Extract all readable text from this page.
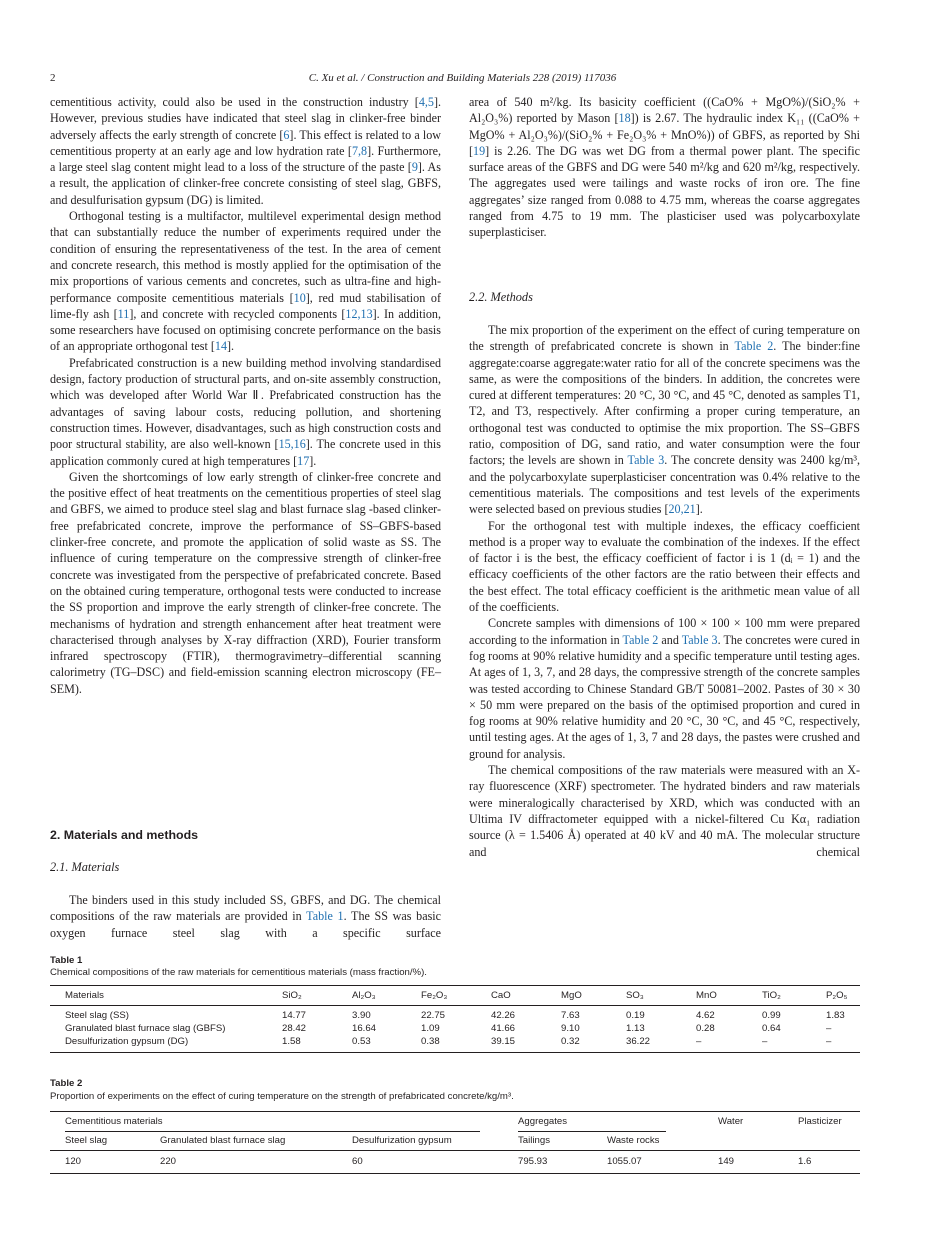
2	C. Xu et al. / Construction and Building Materials 228 (2019) 117036

cementitious activity, could also be used in the construction industry [4,5]. However, previous studies have indicated that steel slag in clinker-free binder adversely affects the early strength of concrete [6]. This effect is related to a low cementitious property at an early age and low hydration rate [7,8]. Furthermore, a large steel slag content might lead to a loss of the structure of the paste [9]. As a result, the application of clinker-free concrete consisting of steel slag, GBFS, and desulfurisation gypsum (DG) is limited.

Orthogonal testing is a multifactor, multilevel experimental design method that can substantially reduce the number of experiments required under the condition of ensuring the representativeness of the test. In the area of cement and concrete research, this method is mostly applied for the optimisation of the mix proportions of various cements and concretes, such as ultra-fine and high-performance composite cementitious materials [10], red mud stabilisation of lime-fly ash [11], and concrete with recycled components [12,13]. In addition, some researchers have focused on optimising concrete performance on the basis of an appropriate orthogonal test [14].

Prefabricated construction is a new building method involving standardised design, factory production of structural parts, and on-site assembly construction, which was developed after World War Ⅱ. Prefabricated construction has the advantages of saving labour costs, reducing pollution, and shortening construction times. However, disadvantages, such as high construction costs and poor structural stability, are also well-known [15,16]. The concrete used in this application commonly cured at high temperatures [17].

Given the shortcomings of low early strength of clinker-free concrete and the positive effect of heat treatments on the cementitious properties of steel slag and GBFS, we aimed to produce steel slag and blast furnace slag -based clinker-free prefabricated concrete, improve the performance of SS–GBFS-based clinker-free concrete, and promote the application of solid waste as SS. The influence of curing temperature on the compressive strength of clinker-free concrete was investigated from the perspective of prefabricated concrete. Based on the obtained curing temperature, orthogonal tests were conducted to increase the SS proportion and improve the early strength of clinker-free concrete. The mechanisms of hydration and strength enhancement after heat treatment were characterised through analyses by X-ray diffraction (XRD), Fourier transform infrared spectroscopy (FTIR), thermogravimetry–differential scanning calorimetry (TG–DSC) and field-emission scanning electron microscopy (FE–SEM).

2. Materials and methods
2.1. Materials

The binders used in this study included SS, GBFS, and DG. The chemical compositions of the raw materials are provided in Table 1. The SS was basic oxygen furnace steel slag with a specific surface

area of 540 m²/kg. Its basicity coefficient ((CaO% + MgO%)/(SiO₂% + Al₂O₃%) reported by Mason [18]) is 2.67. The hydraulic index K₁₁ ((CaO% + MgO% + Al₂O₃%)/(SiO₂% + Fe₂O₃% + MnO%)) of GBFS, as reported by Shi [19] is 2.26. The DG was wet DG from a thermal power plant. The specific surface areas of the GBFS and DG were 540 m²/kg and 620 m²/kg, respectively. The aggregates used were tailings and waste rocks of iron ore. The fine aggregates’ size ranged from 0.088 to 4.75 mm, whereas the coarse aggregates ranged from 4.75 to 19 mm. The plasticiser used was polycarboxylate superplasticiser.

2.2. Methods

The mix proportion of the experiment on the effect of curing temperature on the strength of prefabricated concrete is shown in Table 2. The binder:fine aggregate:coarse aggregate:water ratio for all of the concrete specimens was the same, as were the compositions of the binders. In addition, the concretes were cured at different temperatures: 20 °C, 30 °C, and 45 °C, denoted as samples T1, T2, and T3, respectively. After confirming a proper curing temperature, an orthogonal test was conducted to optimise the mix proportion. The SS–GBFS ratio, composition of DG, sand ratio, and water consumption were the four factors; the levels are shown in Table 3. The concrete density was 2400 kg/m³, and the polycarboxylate superplasticiser concentration was 0.4% relative to the cementitious materials. The compositions and test levels of the experiments were selected based on previous studies [20,21].

For the orthogonal test with multiple indexes, the efficacy coefficient method is a proper way to evaluate the combination of the indexes. If the effect of factor i is the best, the efficacy coefficient of factor i is 1 (dᵢ = 1) and the efficacy coefficients of the other factors are the ratio between their effects and the best effect. The total efficacy coefficient is the arithmetic mean value of all of the coefficients.

Concrete samples with dimensions of 100 × 100 × 100 mm were prepared according to the information in Table 2 and Table 3. The concretes were cured in fog rooms at 90% relative humidity and a specific temperature until testing ages. At ages of 1, 3, 7, and 28 days, the compressive strength of the concrete samples was tested according to Chinese Standard GB/T 50081–2002. Pastes of 30 × 30 × 50 mm were prepared on the basis of the optimised proportion and cured in fog rooms at 90% relative humidity and 20 °C, 30 °C, and 45 °C, respectively, until testing ages. At the ages of 1, 3, 7 and 28 days, the pastes were crushed and ground for analysis.

The chemical compositions of the raw materials were measured with an X-ray fluorescence (XRF) spectrometer. The hydrated binders and raw materials were mineralogically characterised by XRD, which was conducted with an Ultima IV diffractometer equipped with a nickel-filtered Cu Kα₁ radiation source (λ = 1.5406 Å) operated at 40 kV and 40 mA. The molecular structure and chemical

Table 1
Chemical compositions of the raw materials for cementitious materials (mass fraction/%).
Materials	SiO₂	Al₂O₃	Fe₂O₃	CaO	MgO	SO₃	MnO	TiO₂	P₂O₅
Steel slag (SS)	14.77	3.90	22.75	42.26	7.63	0.19	4.62	0.99	1.83
Granulated blast furnace slag (GBFS)	28.42	16.64	1.09	41.66	9.10	1.13	0.28	0.64	–
Desulfurization gypsum (DG)	1.58	0.53	0.38	39.15	0.32	36.22	–	–	–
Table 2
Proportion of experiments on the effect of curing temperature on the strength of prefabricated concrete/kg/m³.
Cementitious materials	Aggregates	Water	Plasticizer
Steel slag	Granulated blast furnace slag	Desulfurization gypsum	Tailings	Waste rocks
120	220	60	795.93	1055.07	149	1.6
